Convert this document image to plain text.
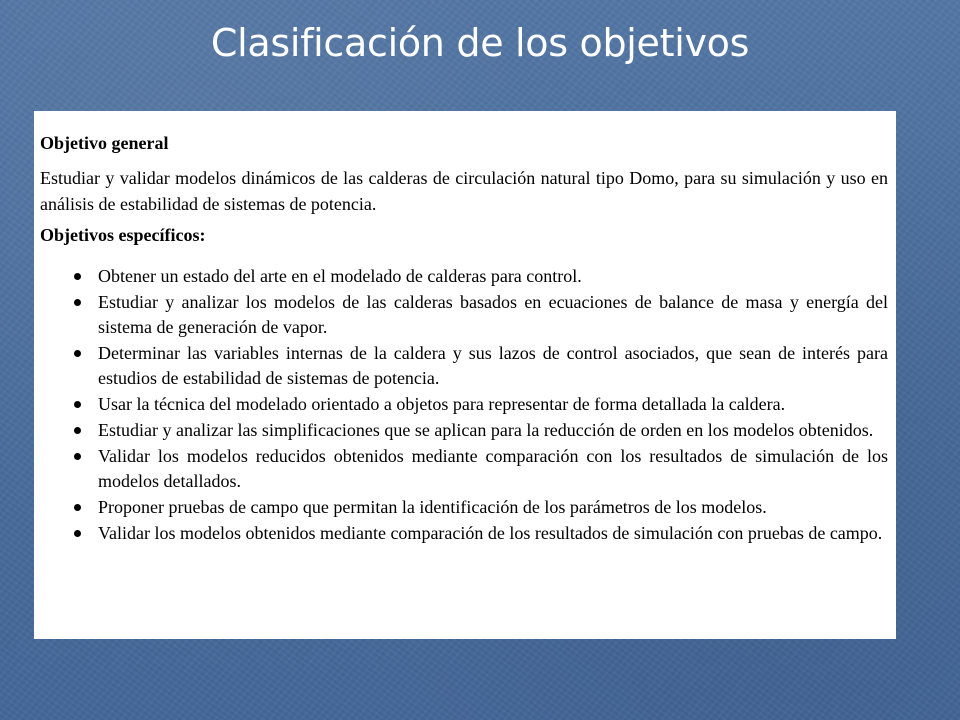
Clasificación de los objetivos

Objetivo general

Estudiar y validar modelos dinámicos de las calderas de circulación natural tipo Domo, para su simulación y uso en análisis de estabilidad de sistemas de potencia.

Objetivos específicos:

Obtener un estado del arte en el modelado de calderas para control.
Estudiar y analizar los modelos de las calderas basados en ecuaciones de balance de masa y energía del sistema de generación de vapor.
Determinar las variables internas de la caldera y sus lazos de control asociados, que sean de interés para estudios de estabilidad de sistemas de potencia.
Usar la técnica del modelado orientado a objetos para representar de forma detallada la caldera.
Estudiar y analizar las simplificaciones que se aplican para la reducción de orden en los modelos obtenidos.
Validar los modelos reducidos obtenidos mediante comparación con los resultados de simulación de los modelos detallados.
Proponer pruebas de campo que permitan la identificación de los parámetros de los modelos.
Validar los modelos obtenidos mediante comparación de los resultados de simulación con pruebas de campo.
